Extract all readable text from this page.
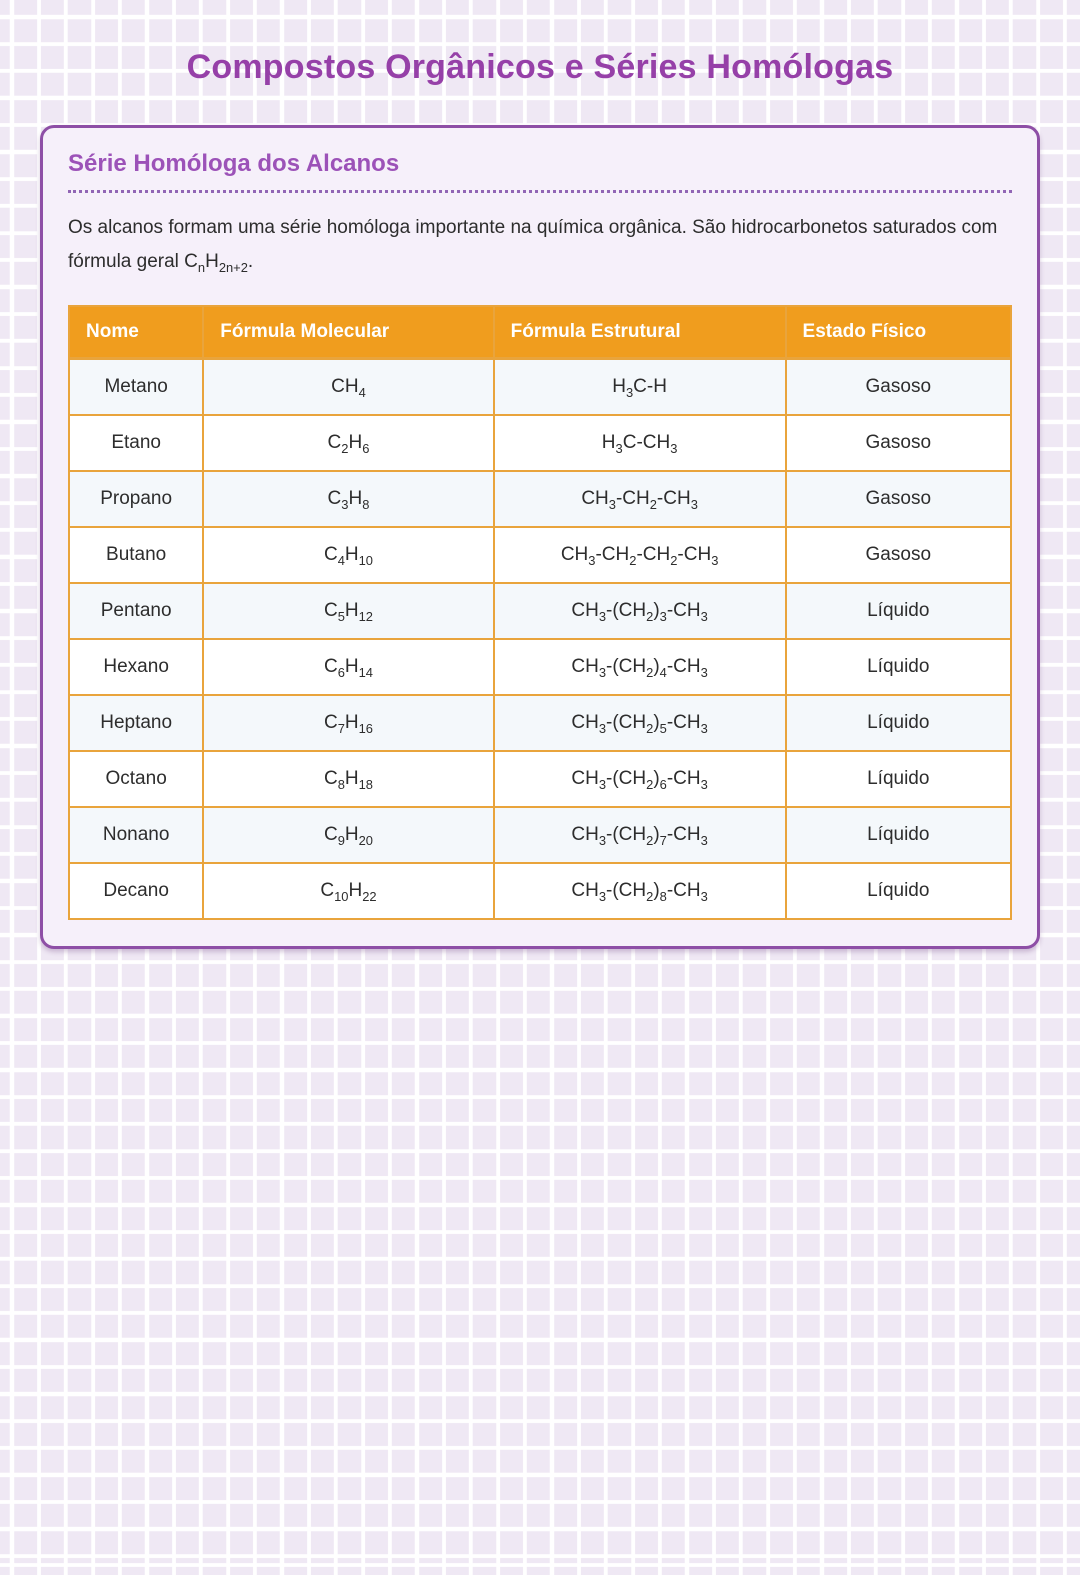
Compostos Orgânicos e Séries Homólogas
Série Homóloga dos Alcanos

Os alcanos formam uma série homóloga importante na química orgânica. São hidrocarbonetos saturados com fórmula geral $C_nH_{2n+2}$.

Nome	Fórmula Molecular	Fórmula Estrutural	Estado Físico
Metano	$CH_4$	$H_3C-H$	Gasoso
Etano	$C_2H_6$	$H_3C-CH_3$	Gasoso
Propano	$C_3H_8$	$CH_3-CH_2-CH_3$	Gasoso
Butano	$C_4H_{10}$	$CH_3-CH_2-CH_2-CH_3$	Gasoso
Pentano	$C_5H_{12}$	$CH_3-(CH_2)_3-CH_3$	Líquido
Hexano	$C_6H_{14}$	$CH_3-(CH_2)_4-CH_3$	Líquido
Heptano	$C_7H_{16}$	$CH_3-(CH_2)_5-CH_3$	Líquido
Octano	$C_8H_{18}$	$CH_3-(CH_2)_6-CH_3$	Líquido
Nonano	$C_9H_{20}$	$CH_3-(CH_2)_7-CH_3$	Líquido
Decano	$C_{10}H_{22}$	$CH_3-(CH_2)_8-CH_3$	Líquido
